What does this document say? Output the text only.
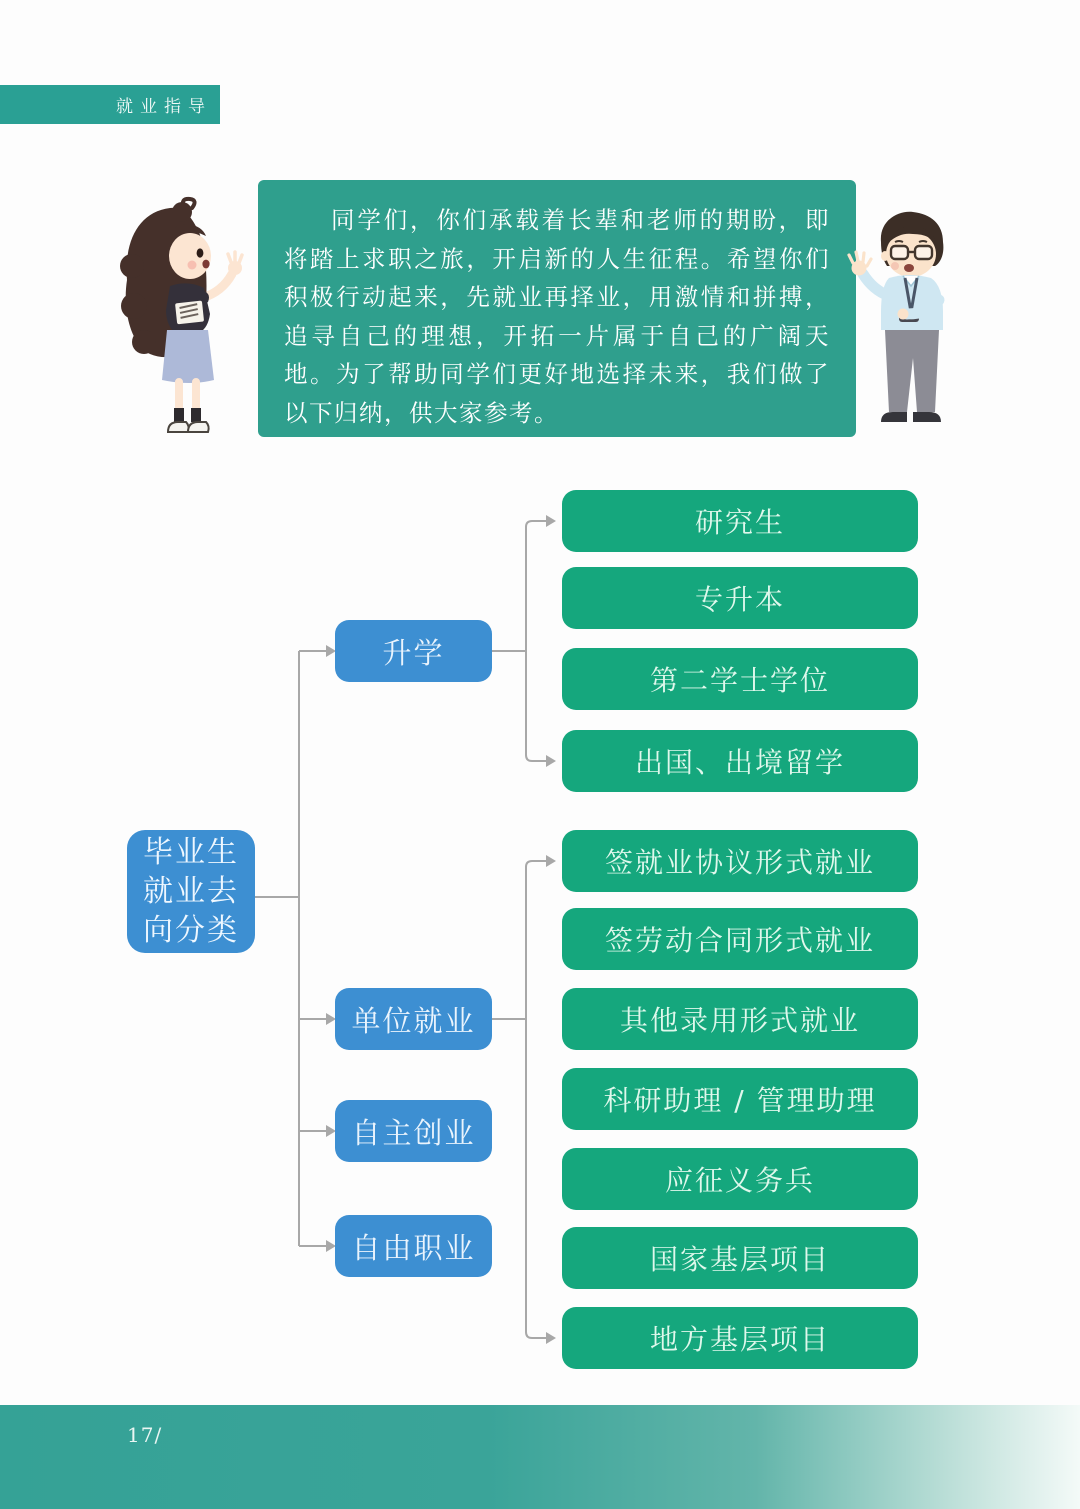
就业指导

同学们，你们承载着长辈和老师的期盼，即将踏上求职之旅，开启新的人生征程。希望你们积极行动起来，先就业再择业，用激情和拼搏，追寻自己的理想，开拓一片属于自己的广阔天地。为了帮助同学们更好地选择未来，我们做了以下归纳，供大家参考。

毕业生
就业去
向分类
升学
单位就业
自主创业
自由职业
研究生
专升本
第二学士学位
出国、出境留学
签就业协议形式就业
签劳动合同形式就业
其他录用形式就业
科研助理 / 管理助理
应征义务兵
国家基层项目
地方基层项目
17/
